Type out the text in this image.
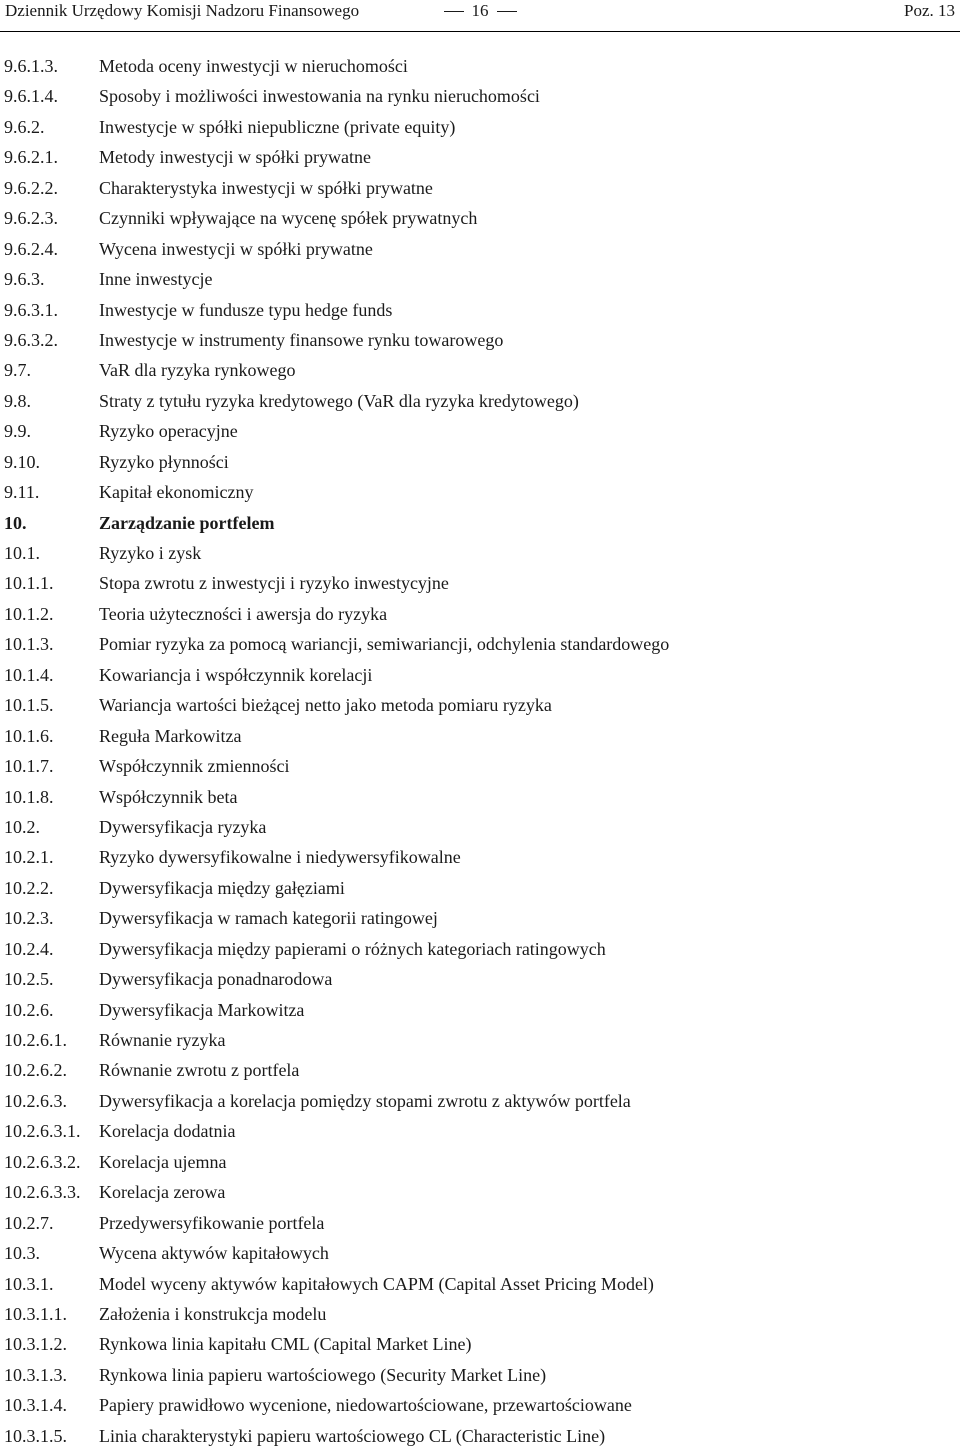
Dziennik Urzędowy Komisji Nadzoru Finansowego	16	Poz. 13
9.6.1.3. Metoda oceny inwestycji w nieruchomości
9.6.1.4. Sposoby i możliwości inwestowania na rynku nieruchomości
9.6.2.	Inwestycje w spółki niepubliczne (private equity)
9.6.2.1. Metody inwestycji w spółki prywatne
9.6.2.2. Charakterystyka inwestycji w spółki prywatne
9.6.2.3. Czynniki wpływające na wycenę spółek prywatnych
9.6.2.4. Wycena inwestycji w spółki prywatne
9.6.3.	Inne inwestycje
9.6.3.1. Inwestycje w fundusze typu hedge funds
9.6.3.2. Inwestycje w instrumenty finansowe rynku towarowego
9.7.	VaR dla ryzyka rynkowego
9.8.	Straty z tytułu ryzyka kredytowego (VaR dla ryzyka kredytowego)
9.9.	Ryzyko operacyjne
9.10.	Ryzyko płynności
9.11.	Kapitał ekonomiczny
10.	Zarządzanie portfelem
10.1.	Ryzyko i zysk
10.1.1.	Stopa zwrotu z inwestycji i ryzyko inwestycyjne
10.1.2.	Teoria użyteczności i awersja do ryzyka
10.1.3.	Pomiar ryzyka za pomocą wariancji, semiwariancji, odchylenia standardowego
10.1.4.	Kowariancja i współczynnik korelacji
10.1.5.	Wariancja wartości bieżącej netto jako metoda pomiaru ryzyka
10.1.6.	Reguła Markowitza
10.1.7.	Współczynnik zmienności
10.1.8.	Współczynnik beta
10.2.	Dywersyfikacja ryzyka
10.2.1.	Ryzyko dywersyfikowalne i niedywersyfikowalne
10.2.2.	Dywersyfikacja między gałęziami
10.2.3.	Dywersyfikacja w ramach kategorii ratingowej
10.2.4.	Dywersyfikacja między papierami o różnych kategoriach ratingowych
10.2.5.	Dywersyfikacja ponadnarodowa
10.2.6.	Dywersyfikacja Markowitza
10.2.6.1. Równanie ryzyka
10.2.6.2. Równanie zwrotu z portfela
10.2.6.3. Dywersyfikacja a korelacja pomiędzy stopami zwrotu z aktywów portfela
10.2.6.3.1. Korelacja dodatnia
10.2.6.3.2. Korelacja ujemna
10.2.6.3.3. Korelacja zerowa
10.2.7.	Przedywersyfikowanie portfela
10.3.	Wycena aktywów kapitałowych
10.3.1.	Model wyceny aktywów kapitałowych CAPM (Capital Asset Pricing Model)
10.3.1.1. Założenia i konstrukcja modelu
10.3.1.2. Rynkowa linia kapitału CML (Capital Market Line)
10.3.1.3. Rynkowa linia papieru wartościowego (Security Market Line)
10.3.1.4. Papiery prawidłowo wycenione, niedowartościowane, przewartościowane
10.3.1.5. Linia charakterystyki papieru wartościowego CL (Characteristic Line)
